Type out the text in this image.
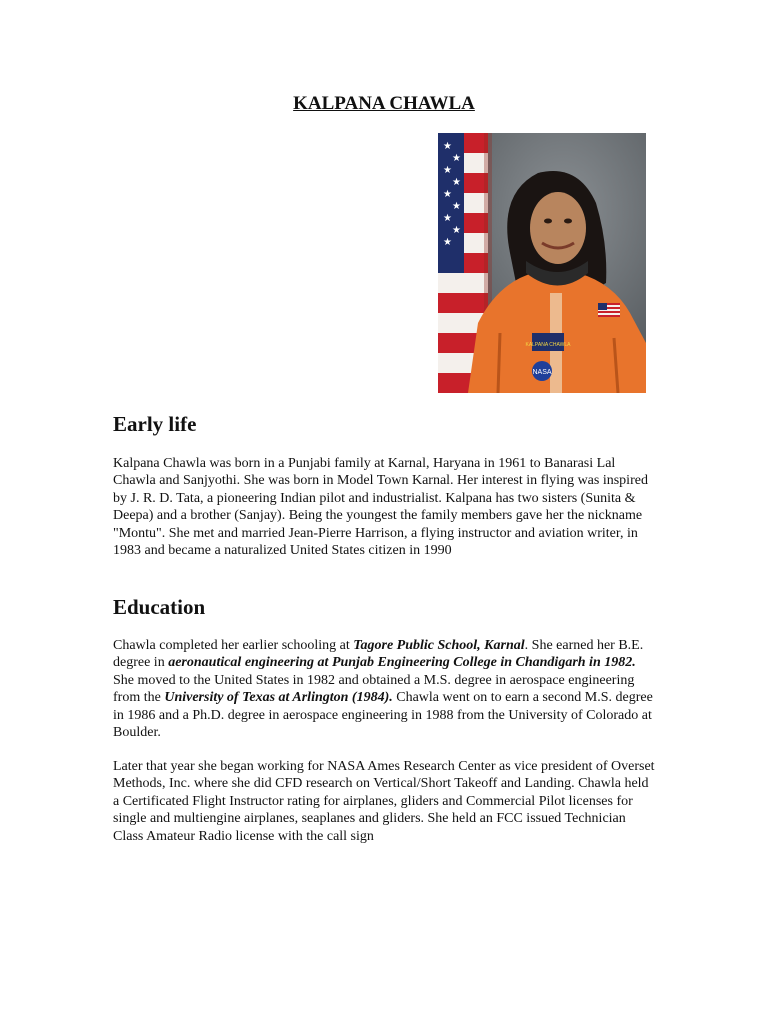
KALPANA CHAWLA
★
★
★
★
★
★
★
★
★
KALPANA CHAWLA
NASA
Early life

Kalpana Chawla was born in a Punjabi family at Karnal, Haryana in 1961 to Banarasi Lal Chawla and Sanjyothi. She was born in Model Town Karnal. Her interest in flying was inspired by J. R. D. Tata, a pioneering Indian pilot and industrialist. Kalpana has two sisters (Sunita & Deepa) and a brother (Sanjay). Being the youngest the family members gave her the nickname "Montu". She met and married Jean-Pierre Harrison, a flying instructor and aviation writer, in 1983 and became a naturalized United States citizen in 1990

Education

Chawla completed her earlier schooling at Tagore Public School, Karnal. She earned her B.E. degree in aeronautical engineering at Punjab Engineering College in Chandigarh in 1982. She moved to the United States in 1982 and obtained a M.S. degree in aerospace engineering from the University of Texas at Arlington (1984). Chawla went on to earn a second M.S. degree in 1986 and a Ph.D. degree in aerospace engineering in 1988 from the University of Colorado at Boulder.

Later that year she began working for NASA Ames Research Center as vice president of Overset Methods, Inc. where she did CFD research on Vertical/Short Takeoff and Landing. Chawla held a Certificated Flight Instructor rating for airplanes, gliders and Commercial Pilot licenses for single and multiengine airplanes, seaplanes and gliders. She held an FCC issued Technician Class Amateur Radio license with the call sign
